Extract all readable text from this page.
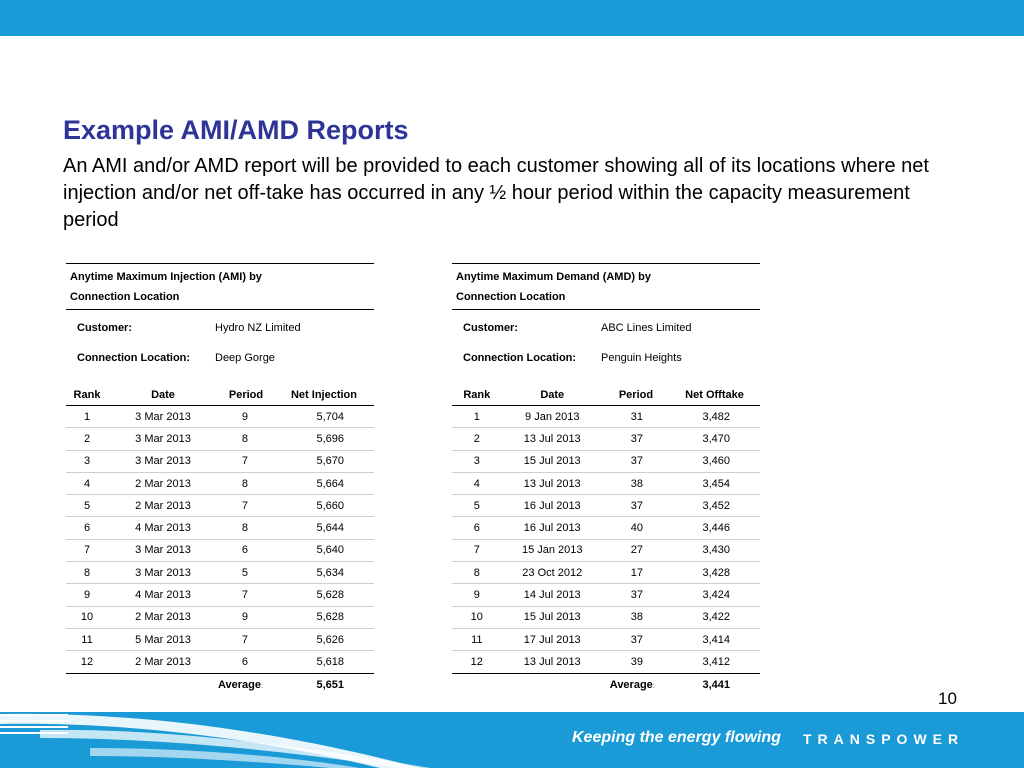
Example AMI/AMD Reports
An AMI and/or AMD report will be provided to each customer showing all of its locations where net injection and/or net off-take has occurred in any ½ hour period within the capacity measurement period
Anytime Maximum Injection (AMI) by
Connection Location
Customer:	Hydro NZ Limited
Connection Location: Deep Gorge
Rank	Date	Period	Net Injection
1	3 Mar 2013	9	5,704
2	3 Mar 2013	8	5,696
3	3 Mar 2013	7	5,670
4	2 Mar 2013	8	5,664
5	2 Mar 2013	7	5,660
6	4 Mar 2013	8	5,644
7	3 Mar 2013	6	5,640
8	3 Mar 2013	5	5,634
9	4 Mar 2013	7	5,628
10	2 Mar 2013	9	5,628
11	5 Mar 2013	7	5,626
12	2 Mar 2013	6	5,618
		Average:	5,651
Anytime Maximum Demand (AMD) by
Connection Location
Customer:	ABC Lines Limited
Connection Location: Penguin Heights
Rank	Date	Period	Net Offtake
1	9 Jan 2013	31	3,482
2	13 Jul 2013	37	3,470
3	15 Jul 2013	37	3,460
4	13 Jul 2013	38	3,454
5	16 Jul 2013	37	3,452
6	16 Jul 2013	40	3,446
7	15 Jan 2013	27	3,430
8	23 Oct 2012	17	3,428
9	14 Jul 2013	37	3,424
10	15 Jul 2013	38	3,422
11	17 Jul 2013	37	3,414
12	13 Jul 2013	39	3,412
		Average:	3,441
10
Keeping the energy flowing TRANSPOWER
